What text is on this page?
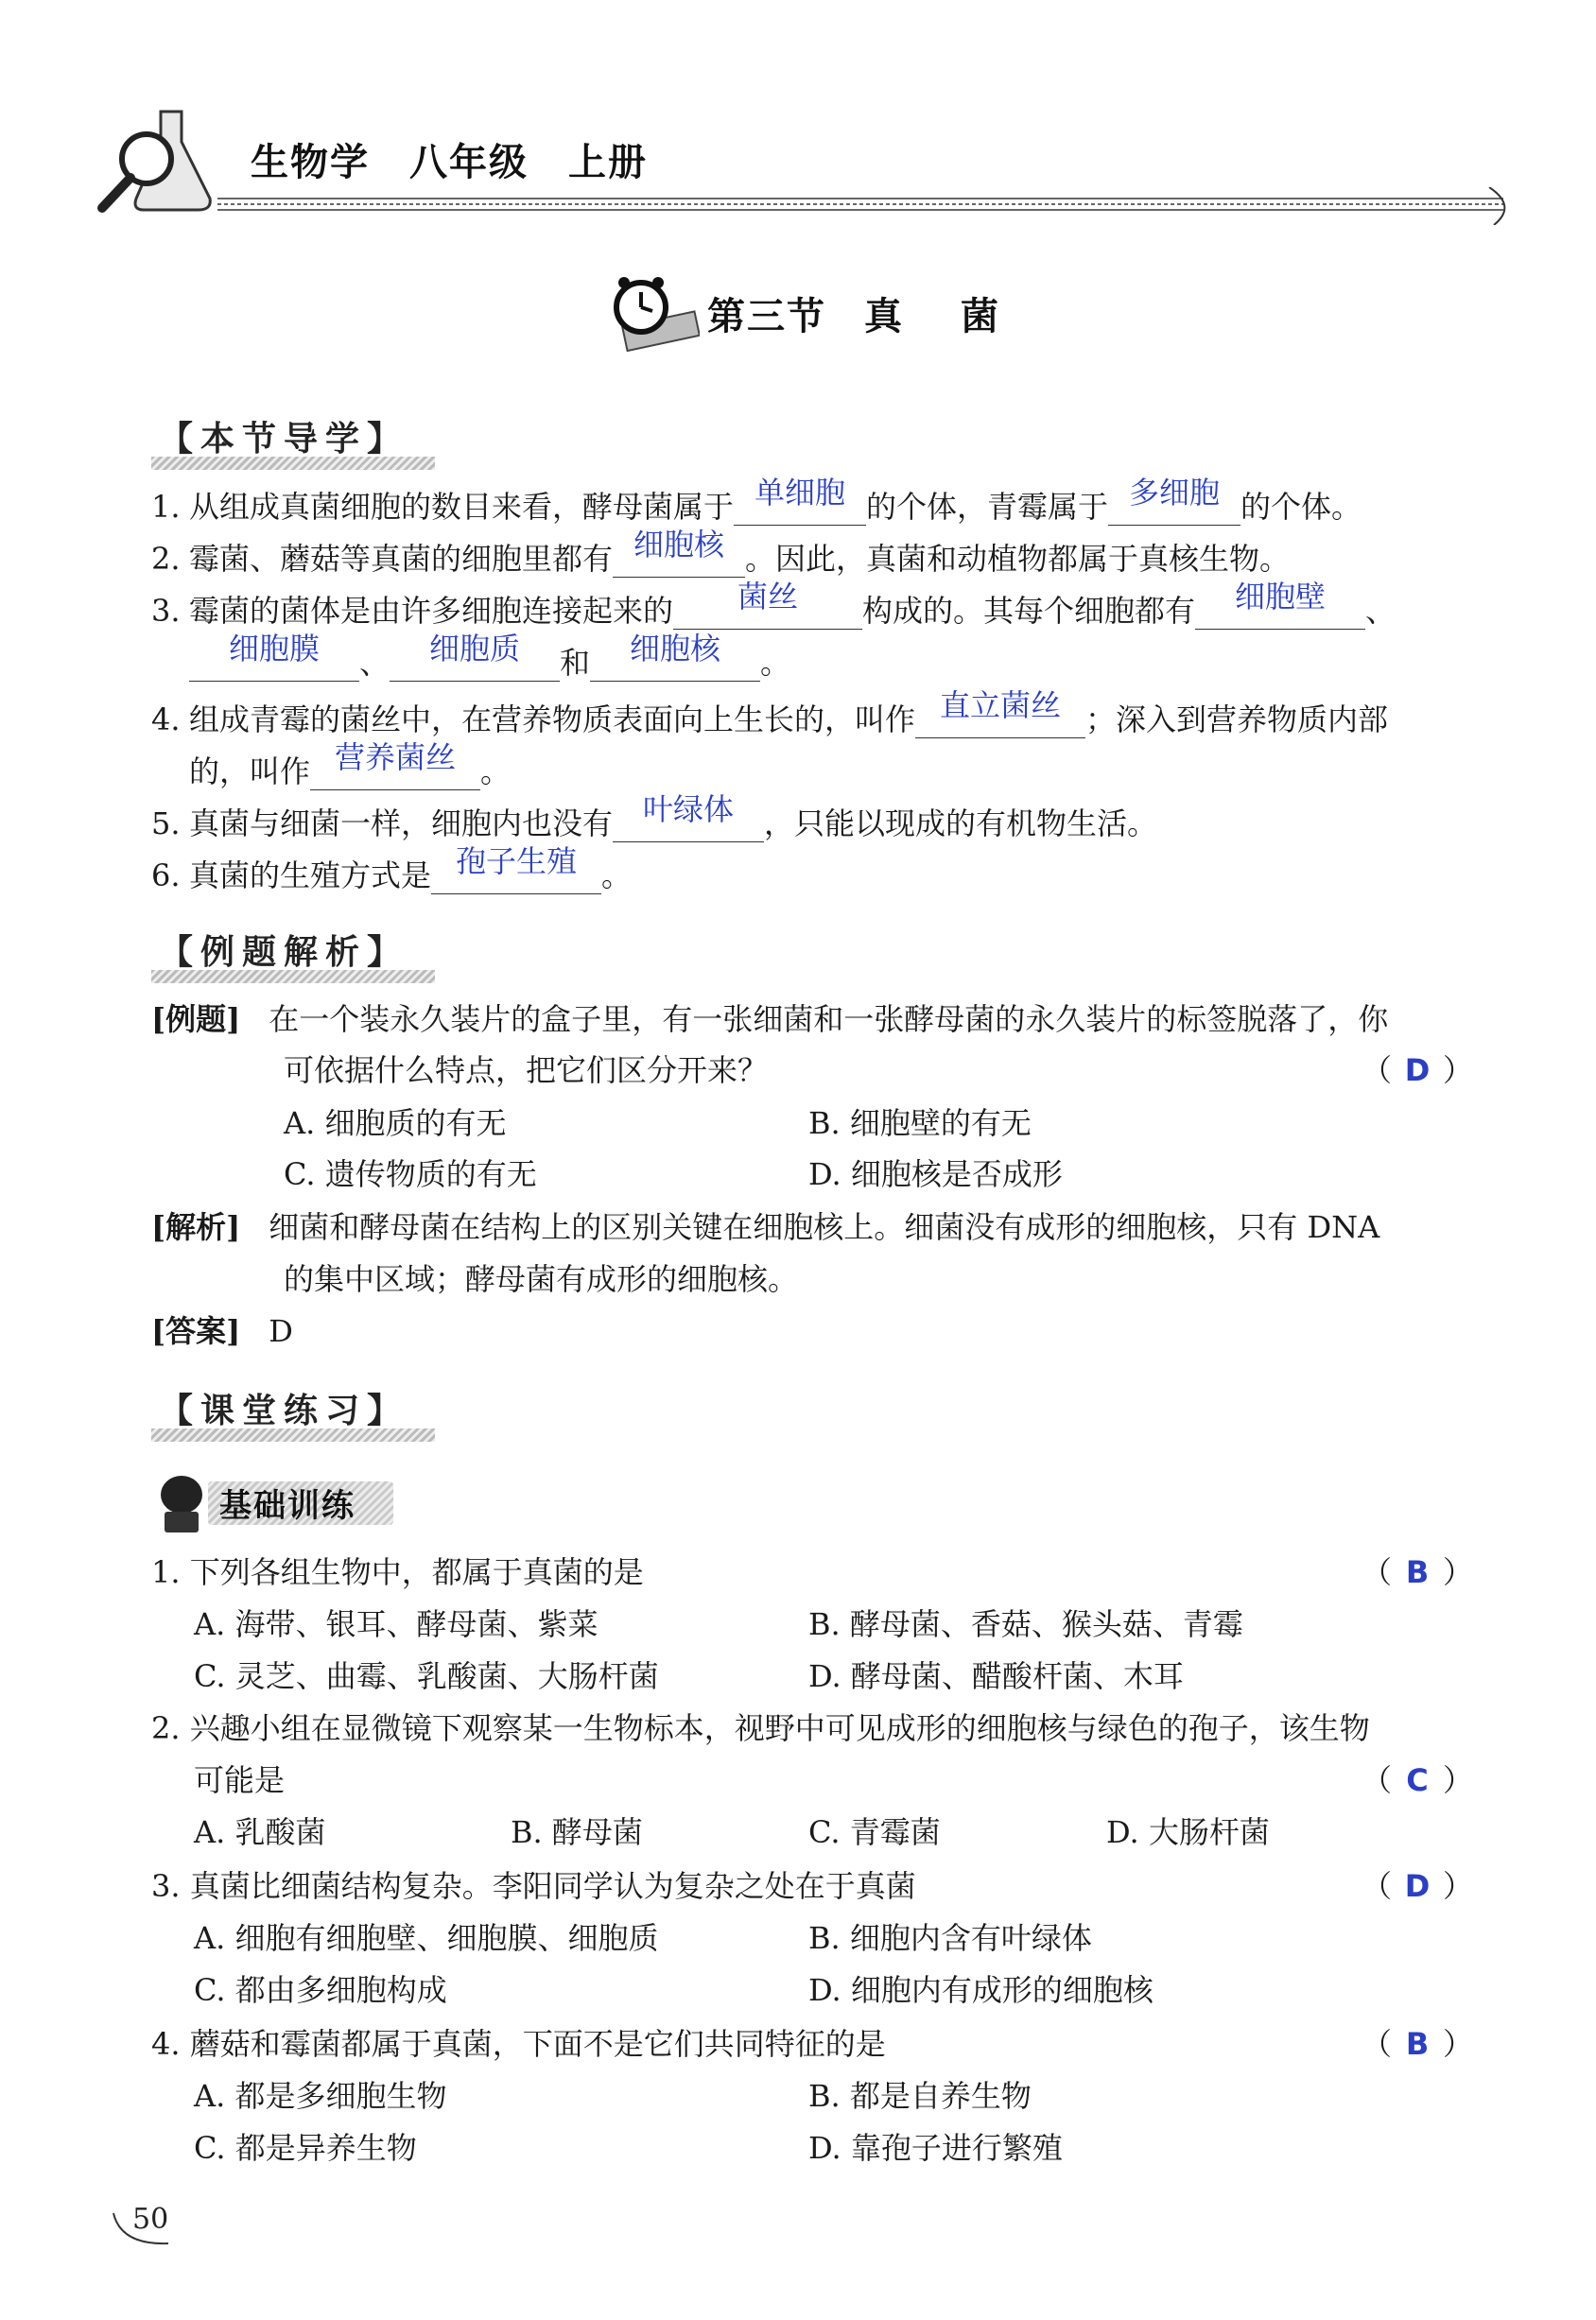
生物学　八年级　上册
第三节 真 菌
【本节导学】
1. 从组成真菌细胞的数目来看，酵母菌属于 单细胞 的个体，青霉属于 多细胞 的个体。
2. 霉菌、蘑菇等真菌的细胞里都有 细胞核 。因此，真菌和动植物都属于真核生物。
3. 霉菌的菌体是由许多细胞连接起来的 菌丝 构成的。其每个细胞都有 细胞壁 、
细胞膜 、 细胞质 和 细胞核 。
4. 组成青霉的菌丝中，在营养物质表面向上生长的，叫作 直立菌丝 ；深入到营养物质内部
的，叫作 营养菌丝 。
5. 真菌与细菌一样，细胞内也没有 叶绿体 ，只能以现成的有机物生活。
6. 真菌的生殖方式是 孢子生殖 。
【例题解析】
[例题] 在一个装永久装片的盒子里，有一张细菌和一张酵母菌的永久装片的标签脱落了，你
可依据什么特点，把它们区分开来？	（ D ）
A. 细胞质的有无	B. 细胞壁的有无
C. 遗传物质的有无	D. 细胞核是否成形
[解析] 细菌和酵母菌在结构上的区别关键在细胞核上。细菌没有成形的细胞核，只有 DNA
的集中区域；酵母菌有成形的细胞核。
[答案] D
【课堂练习】
基础训练
1. 下列各组生物中，都属于真菌的是	（ B ）
A. 海带、银耳、酵母菌、紫菜	B. 酵母菌、香菇、猴头菇、青霉
C. 灵芝、曲霉、乳酸菌、大肠杆菌	D. 酵母菌、醋酸杆菌、木耳
2. 兴趣小组在显微镜下观察某一生物标本，视野中可见成形的细胞核与绿色的孢子，该生物
可能是	（ C ）
A. 乳酸菌	B. 酵母菌	C. 青霉菌	D. 大肠杆菌
3. 真菌比细菌结构复杂。李阳同学认为复杂之处在于真菌	（ D ）
A. 细胞有细胞壁、细胞膜、细胞质	B. 细胞内含有叶绿体
C. 都由多细胞构成	D. 细胞内有成形的细胞核
4. 蘑菇和霉菌都属于真菌，下面不是它们共同特征的是	（ B ）
A. 都是多细胞生物	B. 都是自养生物
C. 都是异养生物	D. 靠孢子进行繁殖
50
